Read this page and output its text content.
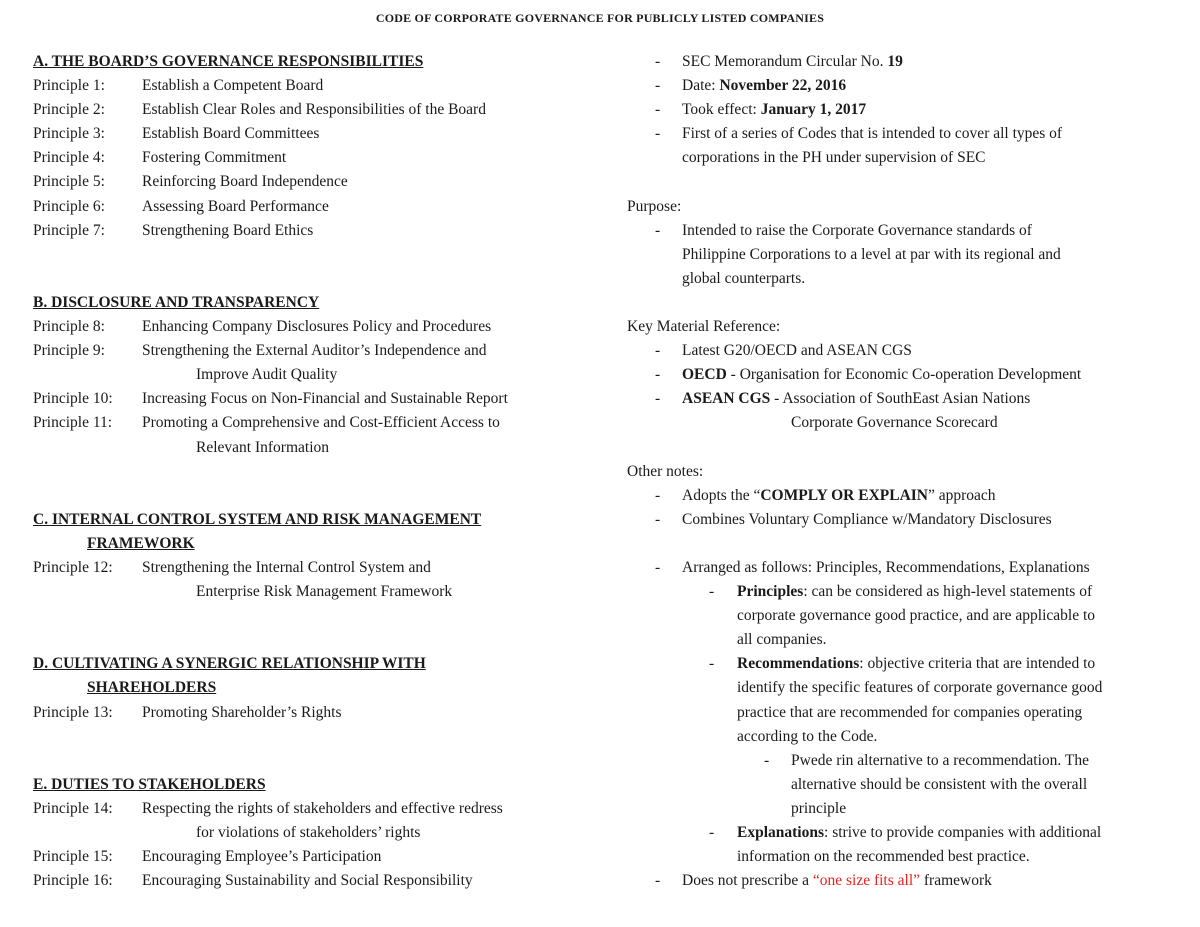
CODE OF CORPORATE GOVERNANCE FOR PUBLICLY LISTED COMPANIES
A. THE BOARD’S GOVERNANCE RESPONSIBILITIES
Principle 1: Establish a Competent Board
Principle 2: Establish Clear Roles and Responsibilities of the Board
Principle 3: Establish Board Committees
Principle 4: Fostering Commitment
Principle 5: Reinforcing Board Independence
Principle 6: Assessing Board Performance
Principle 7: Strengthening Board Ethics
B. DISCLOSURE AND TRANSPARENCY
Principle 8: Enhancing Company Disclosures Policy and Procedures
Principle 9: Strengthening the External Auditor’s Independence and
Improve Audit Quality
Principle 10: Increasing Focus on Non-Financial and Sustainable Report
Principle 11: Promoting a Comprehensive and Cost-Efficient Access to
Relevant Information
C. INTERNAL CONTROL SYSTEM AND RISK MANAGEMENT
FRAMEWORK
Principle 12: Strengthening the Internal Control System and
Enterprise Risk Management Framework
D. CULTIVATING A SYNERGIC RELATIONSHIP WITH
SHAREHOLDERS
Principle 13: Promoting Shareholder’s Rights
E. DUTIES TO STAKEHOLDERS
Principle 14: Respecting the rights of stakeholders and effective redress
for violations of stakeholders’ rights
Principle 15: Encouraging Employee’s Participation
Principle 16: Encouraging Sustainability and Social Responsibility
- SEC Memorandum Circular No. 19
- Date: November 22, 2016
- Took effect: January 1, 2017
- First of a series of Codes that is intended to cover all types of
corporations in the PH under supervision of SEC
Purpose:
- Intended to raise the Corporate Governance standards of
Philippine Corporations to a level at par with its regional and
global counterparts.
Key Material Reference:
- Latest G20/OECD and ASEAN CGS
- OECD - Organisation for Economic Co-operation Development
- ASEAN CGS - Association of SouthEast Asian Nations
Corporate Governance Scorecard
Other notes:
- Adopts the “COMPLY OR EXPLAIN” approach
- Combines Voluntary Compliance w/Mandatory Disclosures
- Arranged as follows: Principles, Recommendations, Explanations
- Principles: can be considered as high-level statements of
corporate governance good practice, and are applicable to
all companies.
- Recommendations: objective criteria that are intended to
identify the specific features of corporate governance good
practice that are recommended for companies operating
according to the Code.
- Pwede rin alternative to a recommendation. The
alternative should be consistent with the overall
principle
- Explanations: strive to provide companies with additional
information on the recommended best practice.
- Does not prescribe a “one size fits all” framework
